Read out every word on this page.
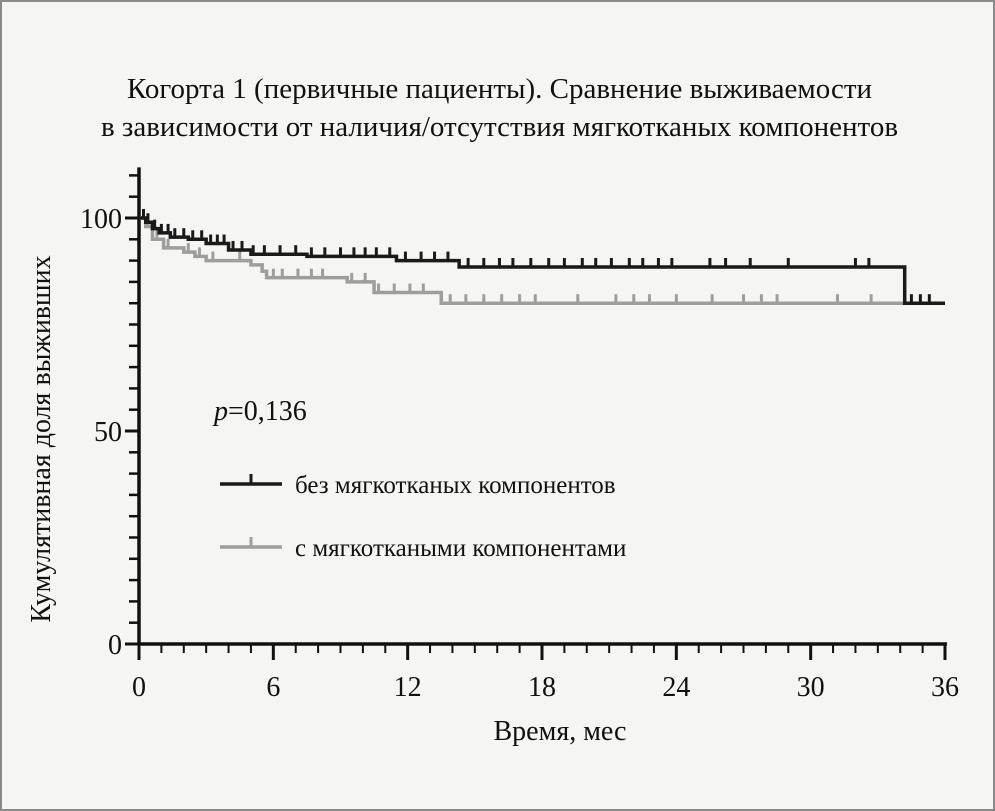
Когорта 1 (первичные пациенты). Сравнение выживаемости
в зависимости от наличия/отсутствия мягкотканых компонентов
0
50
100
0	6	12	18	24	30	36
без мягкотканых компонентов
с мягкоткаными компонентами
p=0,136
Время, мес
Кумулятивная доля выживших
